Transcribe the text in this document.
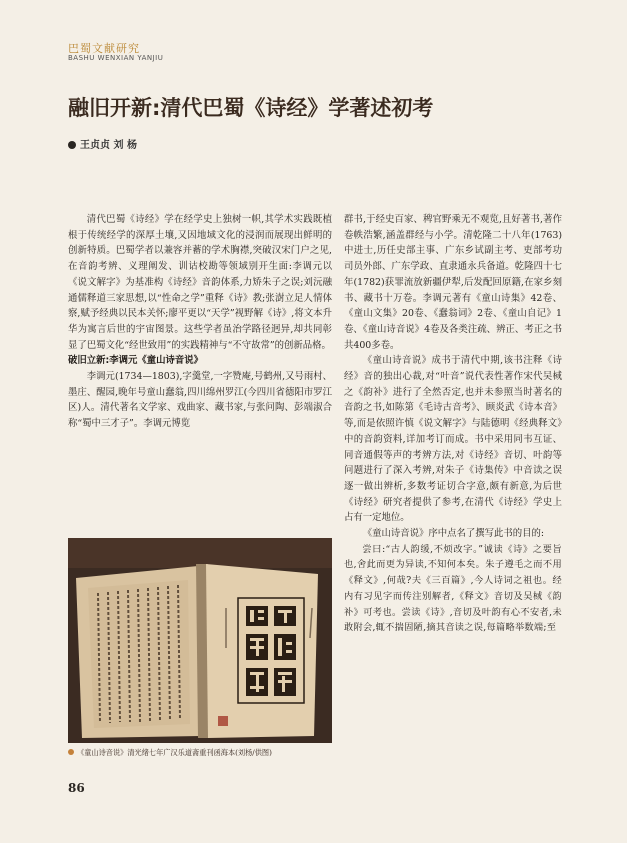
巴蜀文献研究
BASHU WENXIAN YANJIU
融旧开新:清代巴蜀《诗经》学著述初考
王贞贞 刘 杨

清代巴蜀《诗经》学在经学史上独树一帜,其学术实践既植根于传统经学的深厚土壤,又因地域文化的浸润而展现出鲜明的创新特质。巴蜀学者以兼容并蓄的学术胸襟,突破汉宋门户之见,在音韵考辨、义理阐发、训诂校勘等领域别开生面:李调元以《说文解字》为基准构《诗经》音韵体系,力矫朱子之误;刘沅融通儒释道三家思想,以“性命之学”重释《诗》教;张澍立足人情体察,赋予经典以民本关怀;廖平更以“天学”视野解《诗》,将文本升华为寓言后世的宇宙图景。这些学者虽治学路径迥异,却共同彰显了巴蜀文化“经世致用”的实践精神与“不守故常”的创新品格。

破旧立新:李调元《童山诗音说》

李调元(1734—1803),字羹堂,一字赞庵,号鹤州,又号雨村、墨庄、醒园,晚年号童山蠢翁,四川绵州罗江(今四川省德阳市罗江区)人。清代著名文学家、戏曲家、藏书家,与张问陶、彭端淑合称“蜀中三才子”。李调元博览

《童山诗音说》清光绪七年广汉乐道斋重刊函海本(刘杨/供图)

群书,于经史百家、稗官野乘无不观览,且好著书,著作卷帙浩繁,涵盖群经与小学。清乾隆二十八年(1763)中进士,历任史部主事、广东乡试副主考、吏部考功司员外郎、广东学政、直隶通永兵备道。乾隆四十七年(1782)获罪流放新疆伊犁,后发配回原籍,在家乡刻书、藏书十万卷。李调元著有《童山诗集》42卷、《童山文集》20卷、《蠢翁词》2卷、《童山自记》1卷、《童山诗音说》4卷及各类注疏、辨正、考正之书共400多卷。

《童山诗音说》成书于清代中期,该书注释《诗经》音的独出心裁,对“叶音”说代表性著作宋代吴棫之《韵补》进行了全然否定,也并未参照当时著名的音韵之书,如陈第《毛诗古音考》、顾炎武《诗本音》等,而是依照许慎《说文解字》与陆德明《经典释文》中的音韵资料,详加考订而成。书中采用同韦互证、同音通假等声的考辨方法,对《诗经》音切、叶韵等问题进行了深入考辨,对朱子《诗集传》中音读之误逐一做出辨析,多数考证切合字意,颇有新意,为后世《诗经》研究者提供了参考,在清代《诗经》学史上占有一定地位。

《童山诗音说》序中点名了撰写此书的目的:

尝曰:“古人韵缓,不烦改字。”诚读《诗》之要旨也,舍此而更为异读,不知何本矣。朱子遵毛之而不用《释文》,何哉?夫《三百篇》,今人诗词之祖也。经内有习见字而传注别解者,《释文》音切及吴棫《韵补》可考也。尝读《诗》,音切及叶韵有心不安者,未敢附会,辄不揣固陋,摘其音读之误,每篇略举数端;至

86
